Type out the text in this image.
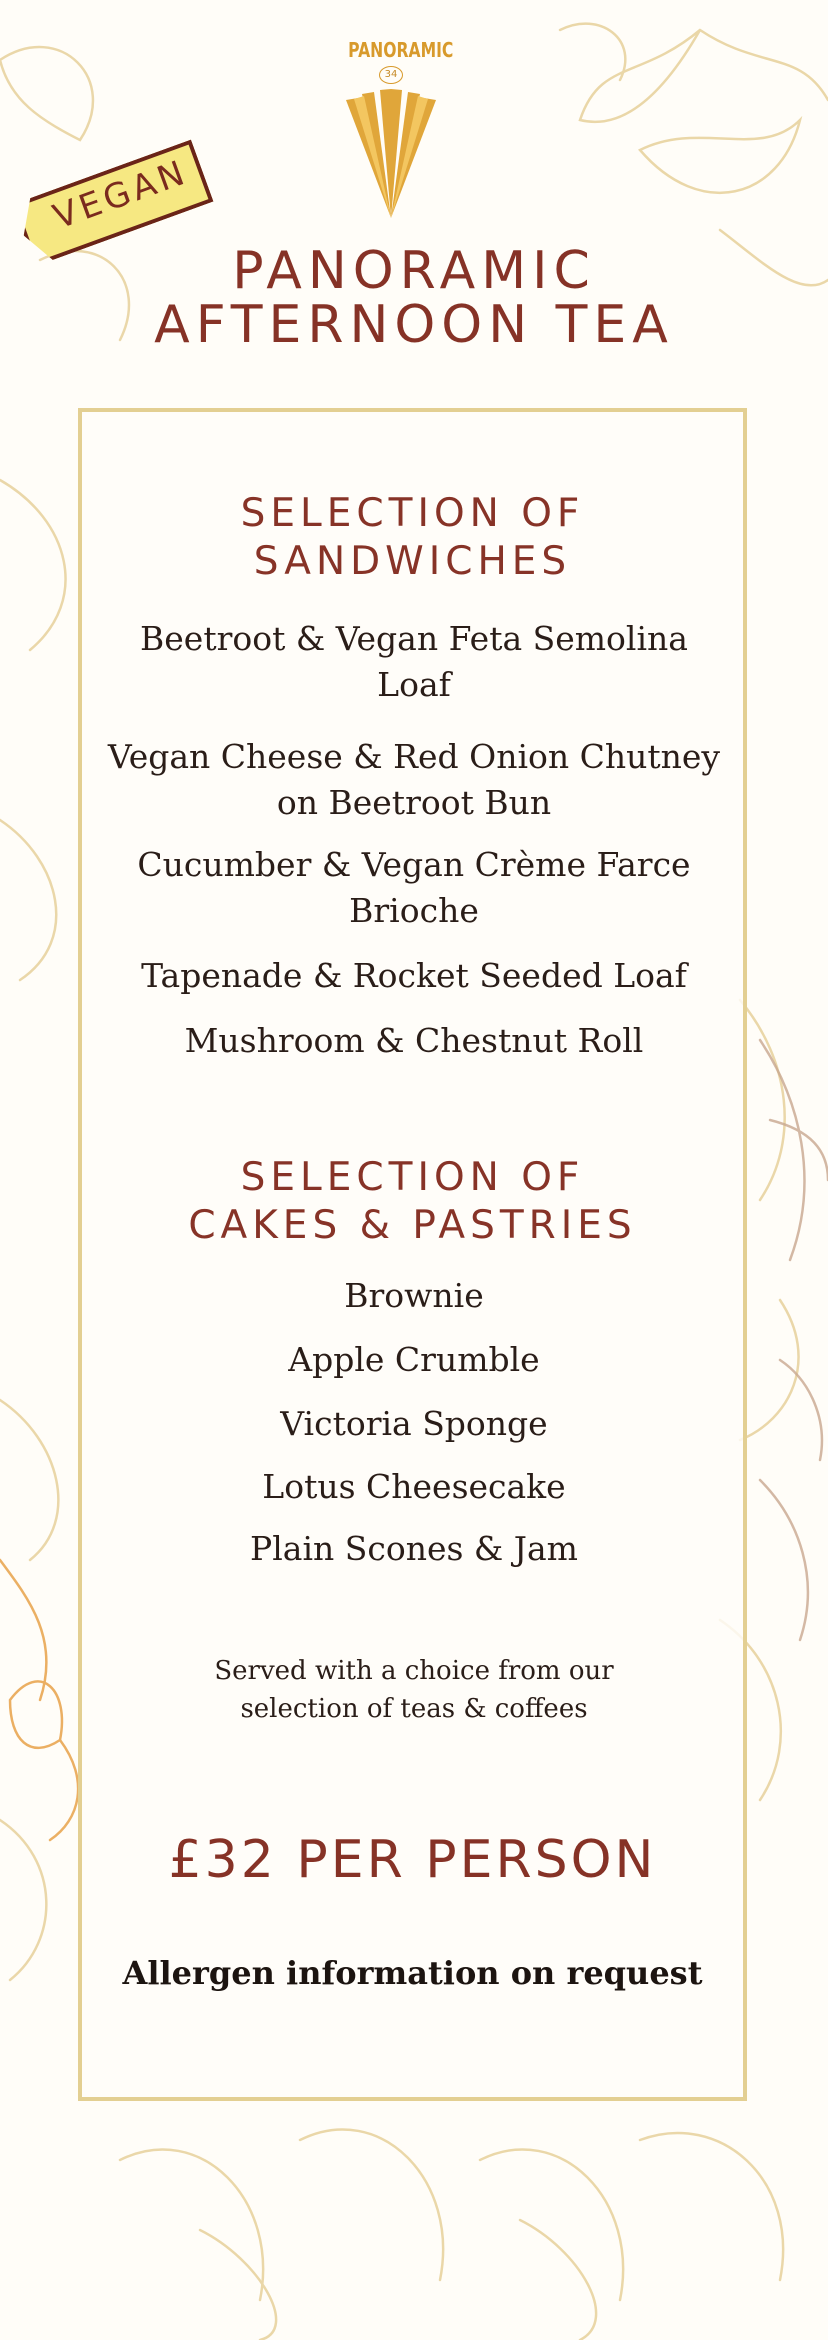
PANORAMIC
34
VEGAN
PANORAMIC
AFTERNOON TEA
SELECTION OF
SANDWICHES
Beetroot & Vegan Feta Semolina Loaf
Vegan Cheese & Red Onion Chutney on Beetroot Bun
Cucumber & Vegan Crème Farce Brioche
Tapenade & Rocket Seeded Loaf
Mushroom & Chestnut Roll
SELECTION OF
CAKES & PASTRIES
Brownie
Apple Crumble
Victoria Sponge
Lotus Cheesecake
Plain Scones & Jam
Served with a choice from our
selection of teas & coffees
£32 PER PERSON
Allergen information on request
